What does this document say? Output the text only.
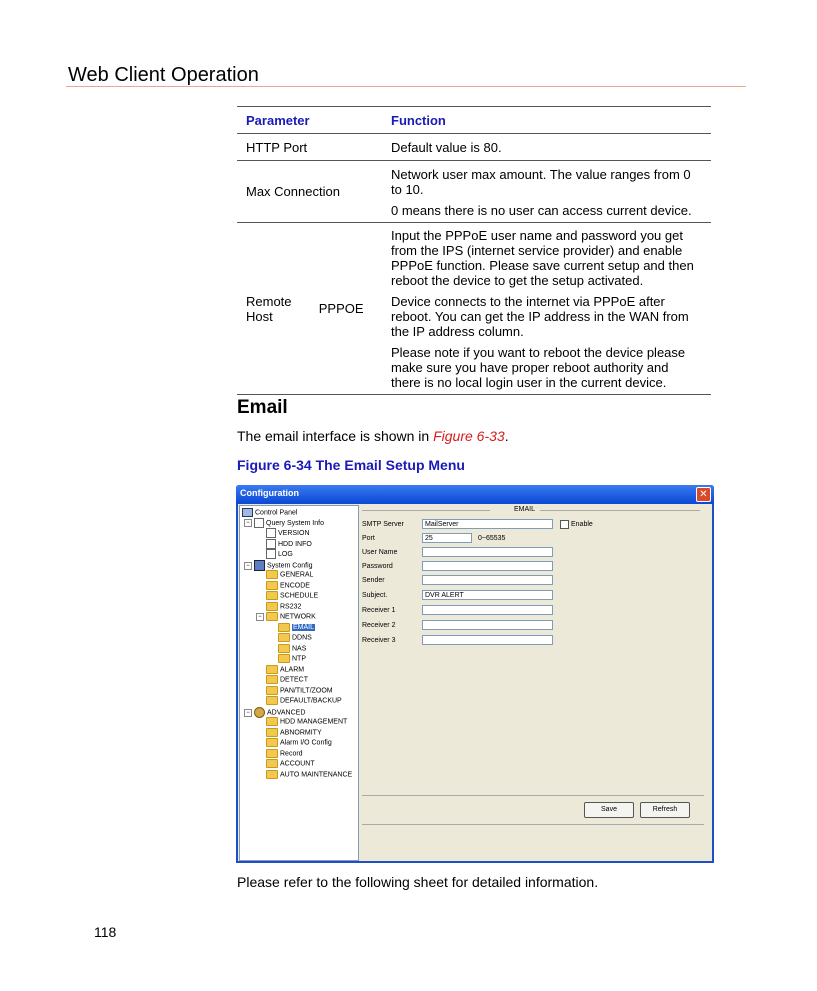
Web Client Operation
Parameter		Function
HTTP Port		Default value is 80.
Max Connection		Network user max amount. The value ranges from 0 to 10.

0 means there is no user can access current device.

Remote Host	PPPOE	Input the PPPoE user name and password you get from the IPS (internet service provider) and enable PPPoE function. Please save current setup and then reboot the device to get the setup activated.

Device connects to the internet via PPPoE after reboot. You can get the IP address in the WAN from the IP address column.

Please note if you want to reboot the device please make sure you have proper reboot authority and there is no local login user in the current device.

Email
The email interface is shown in Figure 6-33.
Figure 6-34 The Email Setup Menu
Configuration	✕
Control Panel
− Query System Info
VERSION
HDD INFO
LOG
− System Config
GENERAL
ENCODE
SCHEDULE
RS232
−	NETWORK
EMAIL
DDNS
NAS
NTP
ALARM
DETECT
PAN/TILT/ZOOM
DEFAULT/BACKUP
− ADVANCED
HDD MANAGEMENT
ABNORMITY
Alarm I/O Config
Record
ACCOUNT
AUTO MAINTENANCE
EMAIL
SMTP Server	MailServer	Enable
Port	25	0~65535
User Name
Password
Sender
Subject.	DVR ALERT
Receiver 1
Receiver 2
Receiver 3
Save	Refresh
Please refer to the following sheet for detailed information.
118
